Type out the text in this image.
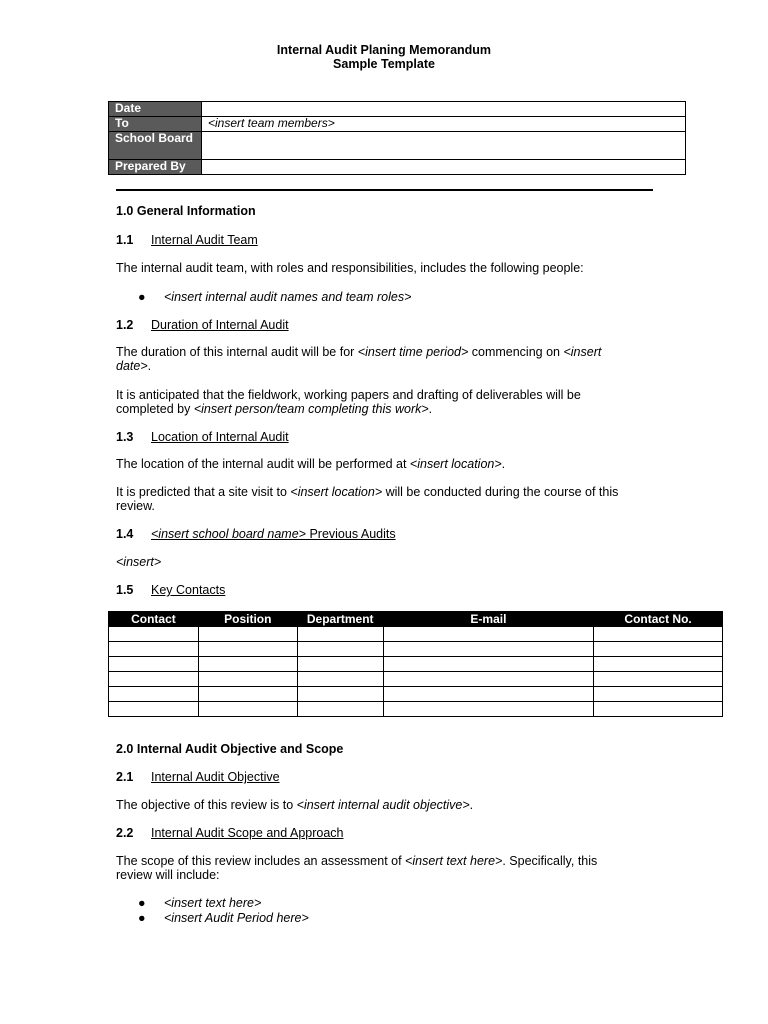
Internal Audit Planing Memorandum
Sample Template
Date	
To	<insert team members>
School Board	
Prepared By	
1.0 General Information
1.1 Internal Audit Team
The internal audit team, with roles and responsibilities, includes the following people:
● <insert internal audit names and team roles>
1.2 Duration of Internal Audit
The duration of this internal audit will be for <insert time period> commencing on <insert date>.
It is anticipated that the fieldwork, working papers and drafting of deliverables will be completed by <insert person/team completing this work>.
1.3 Location of Internal Audit
The location of the internal audit will be performed at <insert location>.
It is predicted that a site visit to <insert location> will be conducted during the course of this review.
1.4 <insert school board name> Previous Audits
<insert>
1.5 Key Contacts
Contact	Position	Department	E-mail	Contact No.

2.0 Internal Audit Objective and Scope
2.1 Internal Audit Objective
The objective of this review is to <insert internal audit objective>.
2.2 Internal Audit Scope and Approach
The scope of this review includes an assessment of <insert text here>. Specifically, this review will include:
● <insert text here>
● <insert Audit Period here>
